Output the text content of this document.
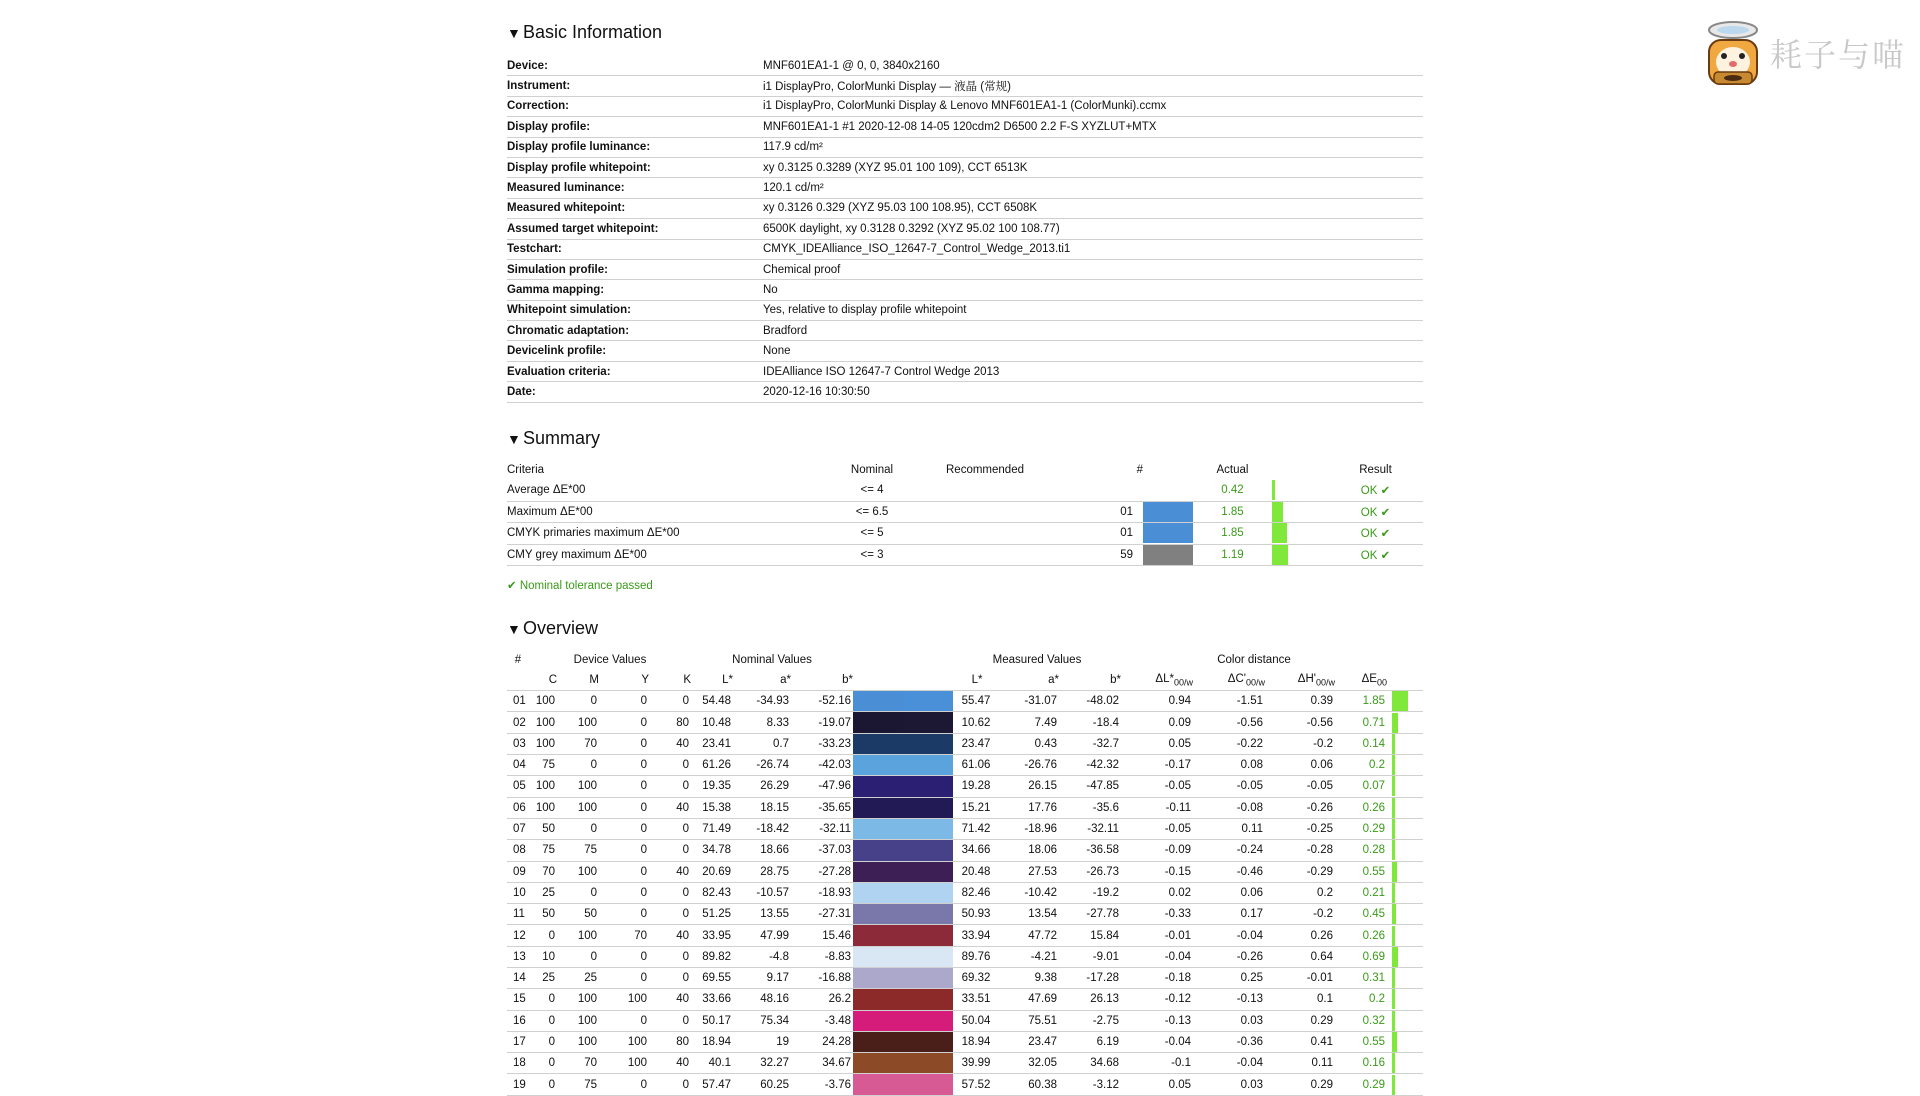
耗子与喵
▼ Basic Information
Device:	MNF601EA1-1 @ 0, 0, 3840x2160
Instrument:	i1 DisplayPro, ColorMunki Display — 液晶 (常规)
Correction:	i1 DisplayPro, ColorMunki Display & Lenovo MNF601EA1-1 (ColorMunki).ccmx
Display profile:	MNF601EA1-1 #1 2020-12-08 14-05 120cdm2 D6500 2.2 F-S XYZLUT+MTX
Display profile luminance:	117.9 cd/m²
Display profile whitepoint:	xy 0.3125 0.3289 (XYZ 95.01 100 109), CCT 6513K
Measured luminance:	120.1 cd/m²
Measured whitepoint:	xy 0.3126 0.329 (XYZ 95.03 100 108.95), CCT 6508K
Assumed target whitepoint:	6500K daylight, xy 0.3128 0.3292 (XYZ 95.02 100 108.77)
Testchart:	CMYK_IDEAlliance_ISO_12647-7_Control_Wedge_2013.ti1
Simulation profile:	Chemical proof
Gamma mapping:	No
Whitepoint simulation:	Yes, relative to display profile whitepoint
Chromatic adaptation:	Bradford
Devicelink profile:	None
Evaluation criteria:	IDEAlliance ISO 12647-7 Control Wedge 2013
Date:	2020-12-16 10:30:50
▼ Summary
Criteria	Nominal	Recommended	#		Actual		Result
Average ΔE*00	<= 4				0.42		OK ✔
Maximum ΔE*00	<= 6.5		01		1.85		OK ✔
CMYK primaries maximum ΔE*00	<= 5		01		1.85		OK ✔
CMY grey maximum ΔE*00	<= 3		59		1.19		OK ✔
✔ Nominal tolerance passed
▼ Overview
#	Device Values				Nominal Values					Measured Values			Color distance				
	C	M	Y	K	L*	a*	b*			L*	a*	b*	$\Delta L*_{00/w}$	$\Delta C'_{00/w}$	$\Delta H'_{00/w}$	$\Delta E_{00}$	
01	100	0	0	0	54.48	-34.93	-52.16			55.47	-31.07	-48.02	0.94	-1.51	0.39	1.85	

02	100	100	0	80	10.48	8.33	-19.07			10.62	7.49	-18.4	0.09	-0.56	-0.56	0.71	

03	100	70	0	40	23.41	0.7	-33.23			23.47	0.43	-32.7	0.05	-0.22	-0.2	0.14	

04	75	0	0	0	61.26	-26.74	-42.03			61.06	-26.76	-42.32	-0.17	0.08	0.06	0.2	

05	100	100	0	0	19.35	26.29	-47.96			19.28	26.15	-47.85	-0.05	-0.05	-0.05	0.07	

06	100	100	0	40	15.38	18.15	-35.65			15.21	17.76	-35.6	-0.11	-0.08	-0.26	0.26	

07	50	0	0	0	71.49	-18.42	-32.11			71.42	-18.96	-32.11	-0.05	0.11	-0.25	0.29	

08	75	75	0	0	34.78	18.66	-37.03			34.66	18.06	-36.58	-0.09	-0.24	-0.28	0.28	

09	70	100	0	40	20.69	28.75	-27.28			20.48	27.53	-26.73	-0.15	-0.46	-0.29	0.55	

10	25	0	0	0	82.43	-10.57	-18.93			82.46	-10.42	-19.2	0.02	0.06	0.2	0.21	

11	50	50	0	0	51.25	13.55	-27.31			50.93	13.54	-27.78	-0.33	0.17	-0.2	0.45	

12	0	100	70	40	33.95	47.99	15.46			33.94	47.72	15.84	-0.01	-0.04	0.26	0.26	

13	10	0	0	0	89.82	-4.8	-8.83			89.76	-4.21	-9.01	-0.04	-0.26	0.64	0.69	

14	25	25	0	0	69.55	9.17	-16.88			69.32	9.38	-17.28	-0.18	0.25	-0.01	0.31	

15	0	100	100	40	33.66	48.16	26.2			33.51	47.69	26.13	-0.12	-0.13	0.1	0.2	

16	0	100	0	0	50.17	75.34	-3.48			50.04	75.51	-2.75	-0.13	0.03	0.29	0.32	

17	0	100	100	80	18.94	19	24.28			18.94	23.47	6.19	-0.04	-0.36	0.41	0.55	

18	0	70	100	40	40.1	32.27	34.67			39.99	32.05	34.68	-0.1	-0.04	0.11	0.16	

19	0	75	0	0	57.47	60.25	-3.76			57.52	60.38	-3.12	0.05	0.03	0.29	0.29	
